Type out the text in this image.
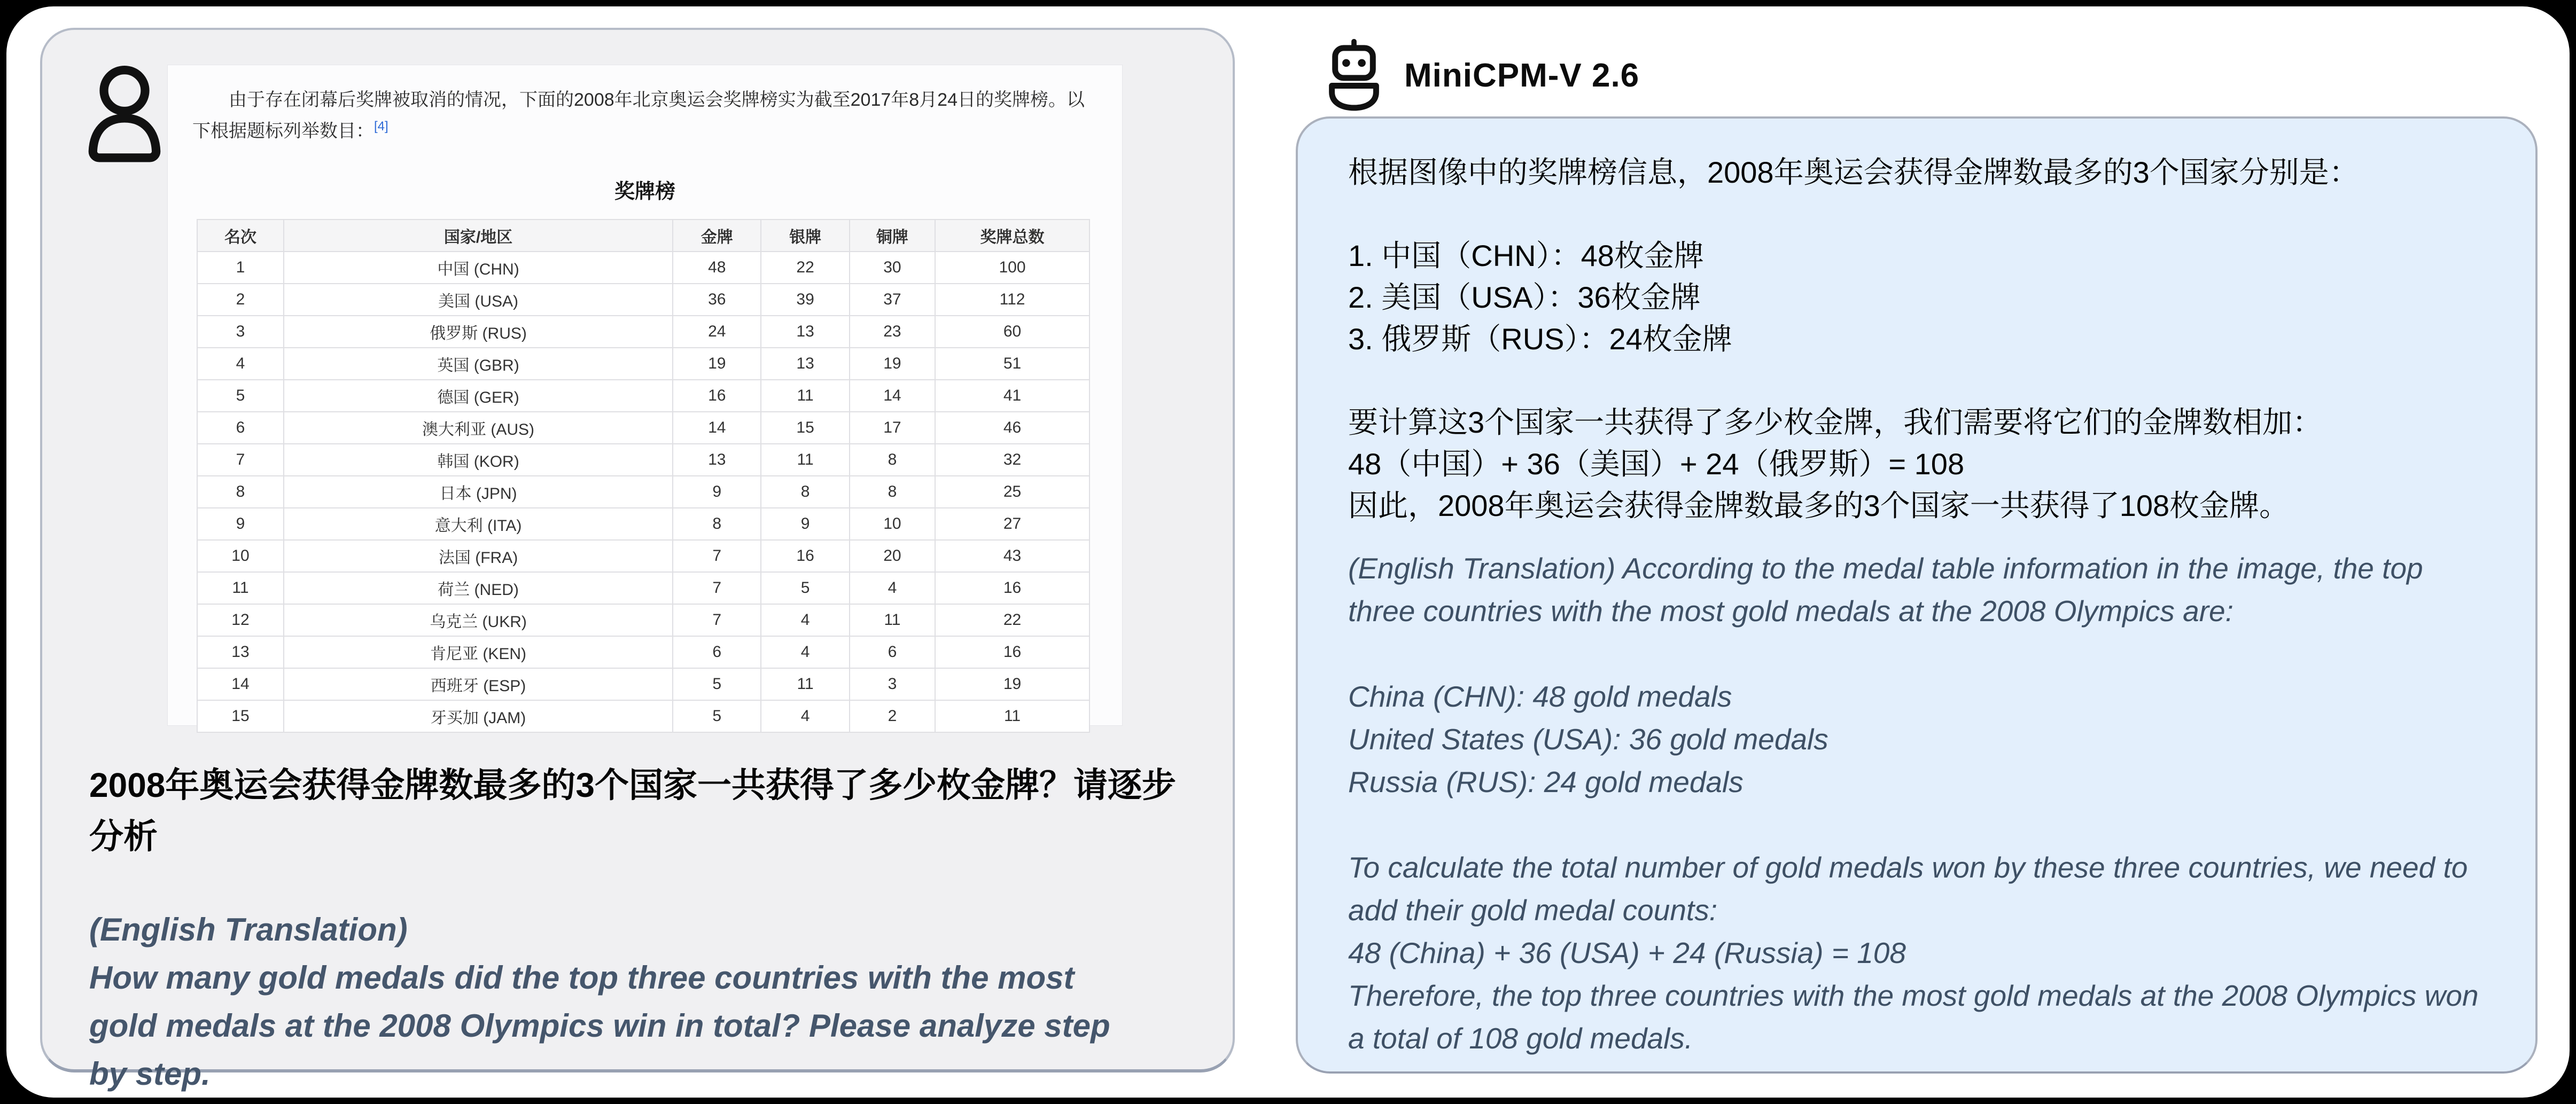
由于存在闭幕后奖牌被取消的情况，下面的2008年北京奥运会奖牌榜实为截至2017年8月24日的奖牌榜。以下根据题标列举数目：[4]

奖牌榜
名次	国家/地区	金牌	银牌	铜牌	奖牌总数
1	中国 (CHN)	48	22	30	100
2	美国 (USA)	36	39	37	112
3	俄罗斯 (RUS)	24	13	23	60
4	英国 (GBR)	19	13	19	51
5	德国 (GER)	16	11	14	41
6	澳大利亚 (AUS)	14	15	17	46
7	韩国 (KOR)	13	11	8	32
8	日本 (JPN)	9	8	8	25
9	意大利 (ITA)	8	9	10	27
10	法国 (FRA)	7	16	20	43
11	荷兰 (NED)	7	5	4	16
12	乌克兰 (UKR)	7	4	11	22
13	肯尼亚 (KEN)	6	4	6	16
14	西班牙 (ESP)	5	11	3	19
15	牙买加 (JAM)	5	4	2	11
2008年奥运会获得金牌数最多的3个国家一共获得了多少枚金牌？请逐步分析
(English Translation)
How many gold medals did the top three countries with the most gold medals at the 2008 Olympics win in total? Please analyze step by step.
MiniCPM-V 2.6
根据图像中的奖牌榜信息，2008年奥运会获得金牌数最多的3个国家分别是：

1. 中国（CHN）：48枚金牌
2. 美国（USA）：36枚金牌
3. 俄罗斯（RUS）：24枚金牌

要计算这3个国家一共获得了多少枚金牌，我们需要将它们的金牌数相加：
48（中国）+ 36（美国）+ 24（俄罗斯）= 108
因此，2008年奥运会获得金牌数最多的3个国家一共获得了108枚金牌。
(English Translation) According to the medal table information in the image, the top three countries with the most gold medals at the 2008 Olympics are:

China (CHN): 48 gold medals
United States (USA): 36 gold medals
Russia (RUS): 24 gold medals

To calculate the total number of gold medals won by these three countries, we need to add their gold medal counts:
48 (China) + 36 (USA) + 24 (Russia) = 108
Therefore, the top three countries with the most gold medals at the 2008 Olympics won a total of 108 gold medals.
